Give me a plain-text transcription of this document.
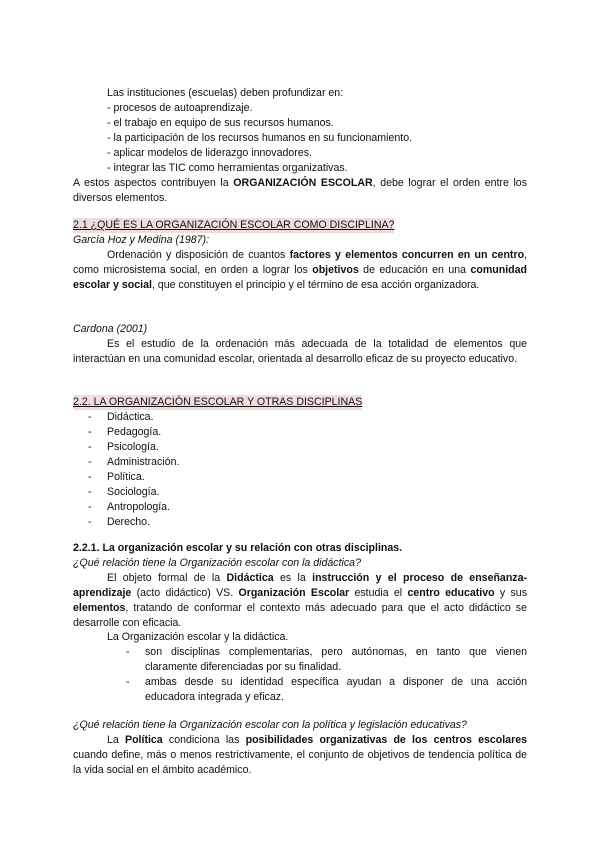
Las instituciones (escuelas) deben profundizar en:
- procesos de autoaprendizaje.
- el trabajo en equipo de sus recursos humanos.
- la participación de los recursos humanos en su funcionamiento.
- aplicar modelos de liderazgo innovadores.
- integrar las TIC como herramientas organizativas.
A estos aspectos contribuyen la ORGANIZACIÓN ESCOLAR, debe lograr el orden entre los diversos elementos.
2.1 ¿QUÉ ES LA ORGANIZACIÓN ESCOLAR COMO DISCIPLINA?
García Hoz y Medina (1987):
Ordenación y disposición de cuantos factores y elementos concurren en un centro, como microsistema social, en orden a lograr los objetivos de educación en una comunidad escolar y social, que constituyen el principio y el término de esa acción organizadora.
Cardona (2001)
Es el estudio de la ordenación más adecuada de la totalidad de elementos que interactúan en una comunidad escolar, orientada al desarrollo eficaz de su proyecto educativo.
2.2. LA ORGANIZACIÓN ESCOLAR Y OTRAS DISCIPLINAS
- Didáctica.
- Pedagogía.
- Psicología.
- Administración.
- Política.
- Sociología.
- Antropología.
- Derecho.
2.2.1. La organización escolar y su relación con otras disciplinas.
¿Qué relación tiene la Organización escolar con la didáctica?
El objeto formal de la Didáctica es la instrucción y el proceso de enseñanza-aprendizaje (acto didáctico) VS. Organización Escolar estudia el centro educativo y sus elementos, tratando de conformar el contexto más adecuado para que el acto didáctico se desarrolle con eficacia.
La Organización escolar y la didáctica.
- son disciplinas complementarias, pero autónomas, en tanto que vienen claramente diferenciadas por su finalidad.
- ambas desde su identidad específica ayudan a disponer de una acción educadora integrada y eficaz.
¿Qué relación tiene la Organización escolar con la política y legislación educativas?
La Política condiciona las posibilidades organizativas de los centros escolares cuando define, más o menos restrictivamente, el conjunto de objetivos de tendencia política de la vida social en el ámbito académico.
